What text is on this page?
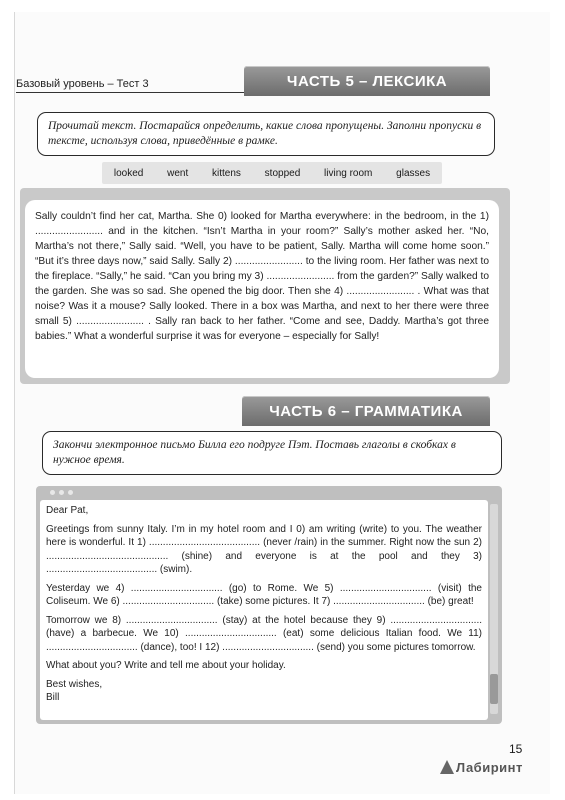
Базовый уровень – Тест 3	ЧАСТЬ 5 – ЛЕКСИКА
Прочитай текст. Постарайся определить, какие слова пропущены. Заполни пропуски в тексте, используя слова, приведённые в рамке.
looked went kittens stopped living room glasses
Sally couldn’t find her cat, Martha. She 0) looked for Martha everywhere: in the bedroom, in the 1) ........................ and in the kitchen. “Isn’t Martha in your room?” Sally’s mother asked her. “No, Martha’s not there,” Sally said. “Well, you have to be patient, Sally. Martha will come home soon.” “But it’s three days now,” said Sally. Sally 2) ........................ to the living room. Her father was next to the fireplace. “Sally,” he said. “Can you bring my 3) ........................ from the garden?” Sally walked to the garden. She was so sad. She opened the big door. Then she 4) ........................ . What was that noise? Was it a mouse? Sally looked. There in a box was Martha, and next to her there were three small 5) ........................ . Sally ran back to her father. “Come and see, Daddy. Martha’s got three babies.” What a wonderful surprise it was for everyone – especially for Sally!
ЧАСТЬ 6 – ГРАММАТИКА
Закончи электронное письмо Билла его подруге Пэт. Поставь глаголы в скобках в нужное время.

Dear Pat,

Greetings from sunny Italy. I’m in my hotel room and I 0) am writing (write) to you. The weather here is wonderful. It 1) ........................................ (never /rain) in the summer. Right now the sun 2) ............................................ (shine) and everyone is at the pool and they 3) ........................................ (swim).

Yesterday we 4) ................................. (go) to Rome. We 5) ................................. (visit) the Coliseum. We 6) ................................. (take) some pictures. It 7) ................................. (be) great!

Tomorrow we 8) ................................. (stay) at the hotel because they 9) ................................. (have) a barbecue. We 10) ................................. (eat) some delicious Italian food. We 11) ................................. (dance), too! I 12) ................................. (send) you some pictures tomorrow.

What about you? Write and tell me about your holiday.

Best wishes,
Bill
15
Лабиринт
